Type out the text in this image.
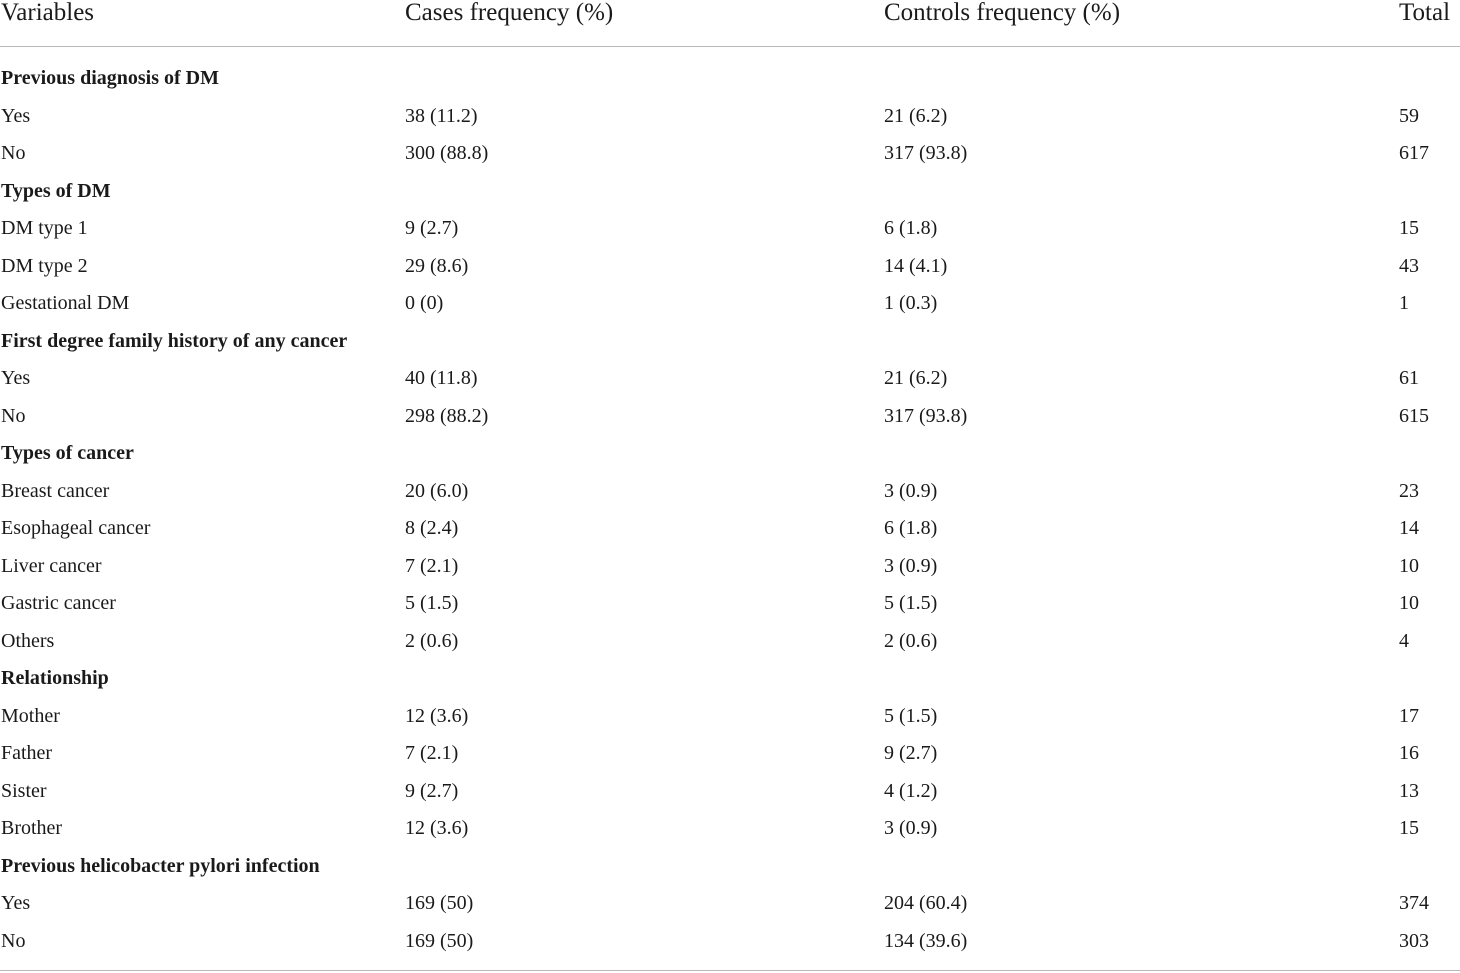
Variables	Cases frequency (%)	Controls frequency (%)	Total
Previous diagnosis of DM
Yes	38 (11.2)	21 (6.2)	59
No	300 (88.8)	317 (93.8)	617
Types of DM
DM type 1	9 (2.7)	6 (1.8)	15
DM type 2	29 (8.6)	14 (4.1)	43
Gestational DM	0 (0)	1 (0.3)	1
First degree family history of any cancer
Yes	40 (11.8)	21 (6.2)	61
No	298 (88.2)	317 (93.8)	615
Types of cancer
Breast cancer	20 (6.0)	3 (0.9)	23
Esophageal cancer	8 (2.4)	6 (1.8)	14
Liver cancer	7 (2.1)	3 (0.9)	10
Gastric cancer	5 (1.5)	5 (1.5)	10
Others	2 (0.6)	2 (0.6)	4
Relationship
Mother	12 (3.6)	5 (1.5)	17
Father	7 (2.1)	9 (2.7)	16
Sister	9 (2.7)	4 (1.2)	13
Brother	12 (3.6)	3 (0.9)	15
Previous helicobacter pylori infection
Yes	169 (50)	204 (60.4)	374
No	169 (50)	134 (39.6)	303
